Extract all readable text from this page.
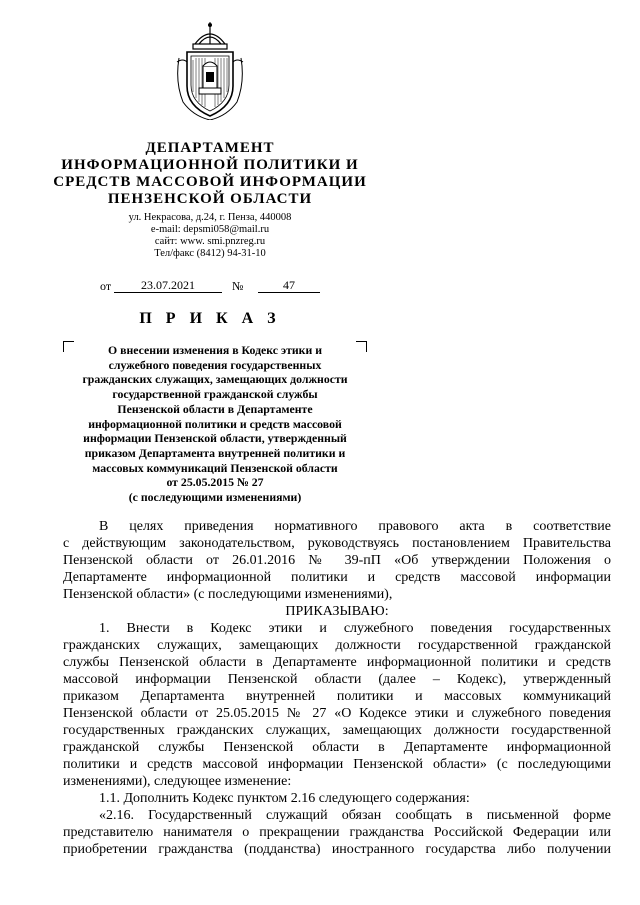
ДЕПАРТАМЕНТ
ИНФОРМАЦИОННОЙ ПОЛИТИКИ И
СРЕДСТВ МАССОВОЙ ИНФОРМАЦИИ
ПЕНЗЕНСКОЙ ОБЛАСТИ
ул. Некрасова, д.24, г. Пенза, 440008
e-mail: depsmi058@mail.ru
сайт: www. smi.pnzreg.ru
Тел/факс (8412) 94-31-10
от	23.07.2021	№	47
П Р И К А З
О внесении изменения в Кодекс этики и
служебного поведения государственных
гражданских служащих, замещающих должности
государственной гражданской службы
Пензенской области в Департаменте
информационной политики и средств массовой
информации Пензенской области, утвержденный
приказом Департамента внутренней политики и
массовых коммуникаций Пензенской области
от 25.05.2015 № 27
(с последующими изменениями)
В целях приведения нормативного правового акта в соответствие
с действующим законодательством, руководствуясь постановлением Правительства
Пензенской области от 26.01.2016 № 39-пП «Об утверждении Положения о
Департаменте информационной политики и средств массовой информации
Пензенской области» (с последующими изменениями),
ПРИКАЗЫВАЮ:
1. Внести в Кодекс этики и служебного поведения государственных
гражданских служащих, замещающих должности государственной гражданской
службы Пензенской области в Департаменте информационной политики и средств
массовой информации Пензенской области (далее – Кодекс), утвержденный
приказом Департамента внутренней политики и массовых коммуникаций
Пензенской области от 25.05.2015 № 27 «О Кодексе этики и служебного поведения
государственных гражданских служащих, замещающих должности государственной
гражданской службы Пензенской области в Департаменте информационной
политики и средств массовой информации Пензенской области» (с последующими
изменениями), следующее изменение:
1.1. Дополнить Кодекс пунктом 2.16 следующего содержания:
«2.16. Государственный служащий обязан сообщать в письменной форме
представителю нанимателя о прекращении гражданства Российской Федерации или
приобретении гражданства (подданства) иностранного государства либо получении
